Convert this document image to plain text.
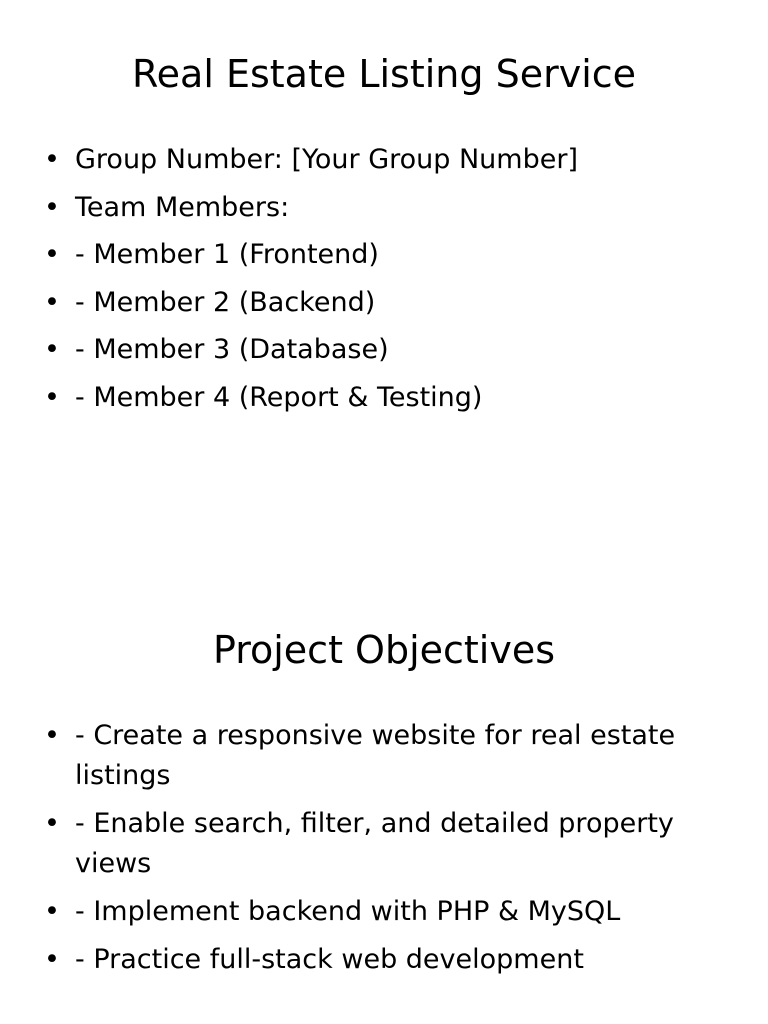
Real Estate Listing Service
• Group Number: [Your Group Number]
• Team Members:
• - Member 1 (Frontend)
• - Member 2 (Backend)
• - Member 3 (Database)
• - Member 4 (Report & Testing)
Project Objectives
• - Create a responsive website for real estate listings
• - Enable search, filter, and detailed property views
• - Implement backend with PHP & MySQL
• - Practice full-stack web development
